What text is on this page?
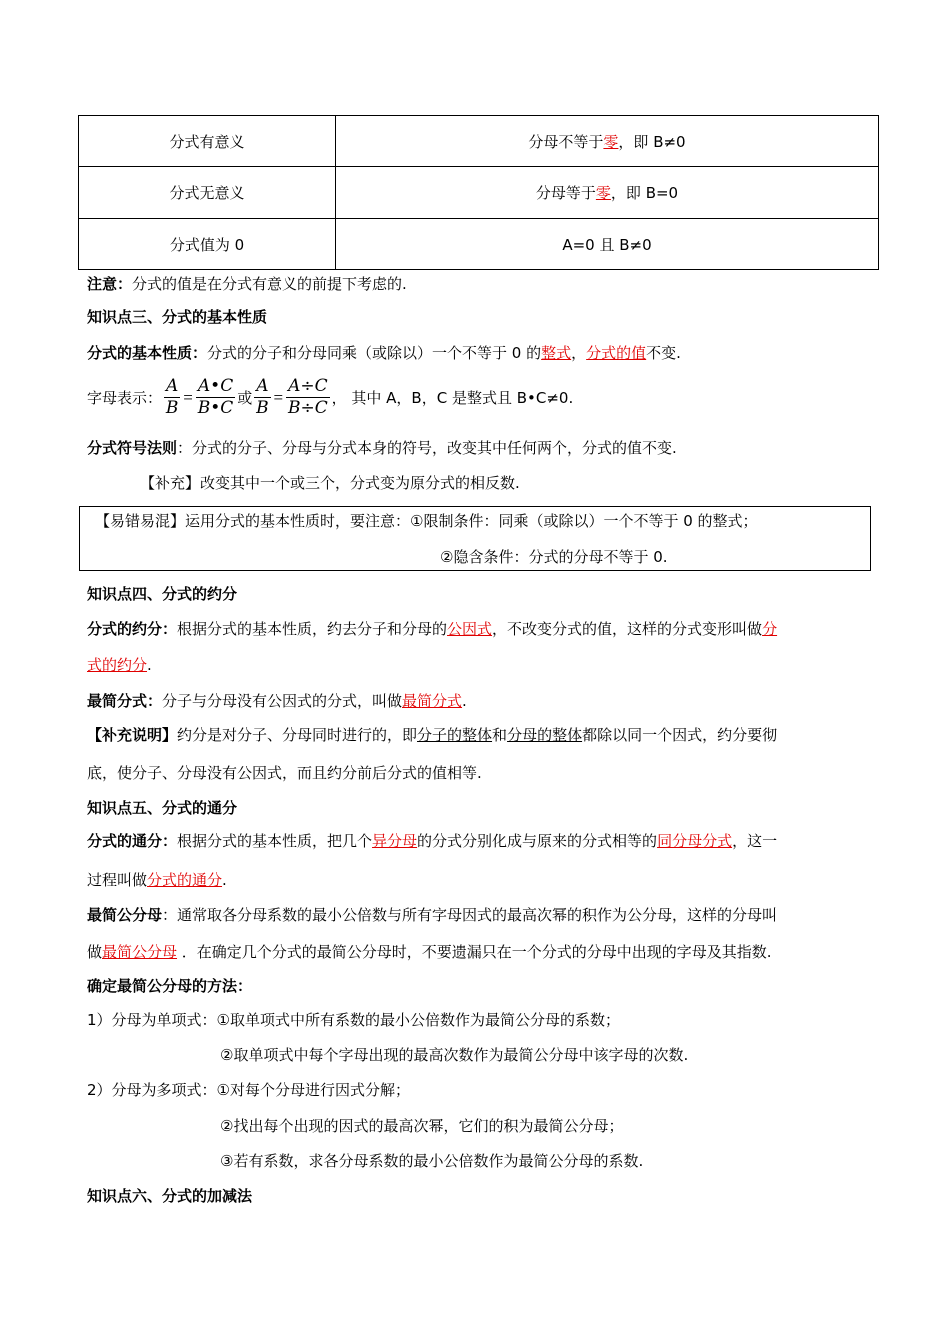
分式有意义	分母不等于零，即 B≠0
分式无意义	分母等于零，即 B=0
分式值为 0	A=0 且 B≠0
字母表示： $\frac{A}{B} = \frac{A•C}{B•C}$ 或 $\frac{A}{B} = \frac{A\div C}{B\div C}$ ， 其中 A，B，C 是整式且 B•C≠0.
【易错易混】运用分式的基本性质时，要注意：①限制条件：同乘（或除以）一个不等于 0 的整式；
②隐含条件：分式的分母不等于 0.
注意：分式的值是在分式有意义的前提下考虑的.
知识点三、分式的基本性质
分式的基本性质：分式的分子和分母同乘（或除以）一个不等于 0 的整式，分式的值不变.
分式符号法则：分式的分子、分母与分式本身的符号，改变其中任何两个，分式的值不变.
【补充】改变其中一个或三个，分式变为原分式的相反数.
知识点四、分式的约分
分式的约分：根据分式的基本性质，约去分子和分母的公因式，不改变分式的值，这样的分式变形叫做分
式的约分.
最简分式：分子与分母没有公因式的分式，叫做最简分式.
【补充说明】约分是对分子、分母同时进行的，即分子的整体和分母的整体都除以同一个因式，约分要彻
底，使分子、分母没有公因式，而且约分前后分式的值相等.
知识点五、分式的通分
分式的通分：根据分式的基本性质，把几个异分母的分式分别化成与原来的分式相等的同分母分式，这一
过程叫做分式的通分.
最简公分母：通常取各分母系数的最小公倍数与所有字母因式的最高次幂的积作为公分母，这样的分母叫
做最简公分母 ．在确定几个分式的最简公分母时，不要遗漏只在一个分式的分母中出现的字母及其指数.
确定最简公分母的方法：
1）分母为单项式：①取单项式中所有系数的最小公倍数作为最简公分母的系数；
②取单项式中每个字母出现的最高次数作为最简公分母中该字母的次数.
2）分母为多项式：①对每个分母进行因式分解；
②找出每个出现的因式的最高次幂，它们的积为最简公分母；
③若有系数，求各分母系数的最小公倍数作为最简公分母的系数.
知识点六、分式的加减法
